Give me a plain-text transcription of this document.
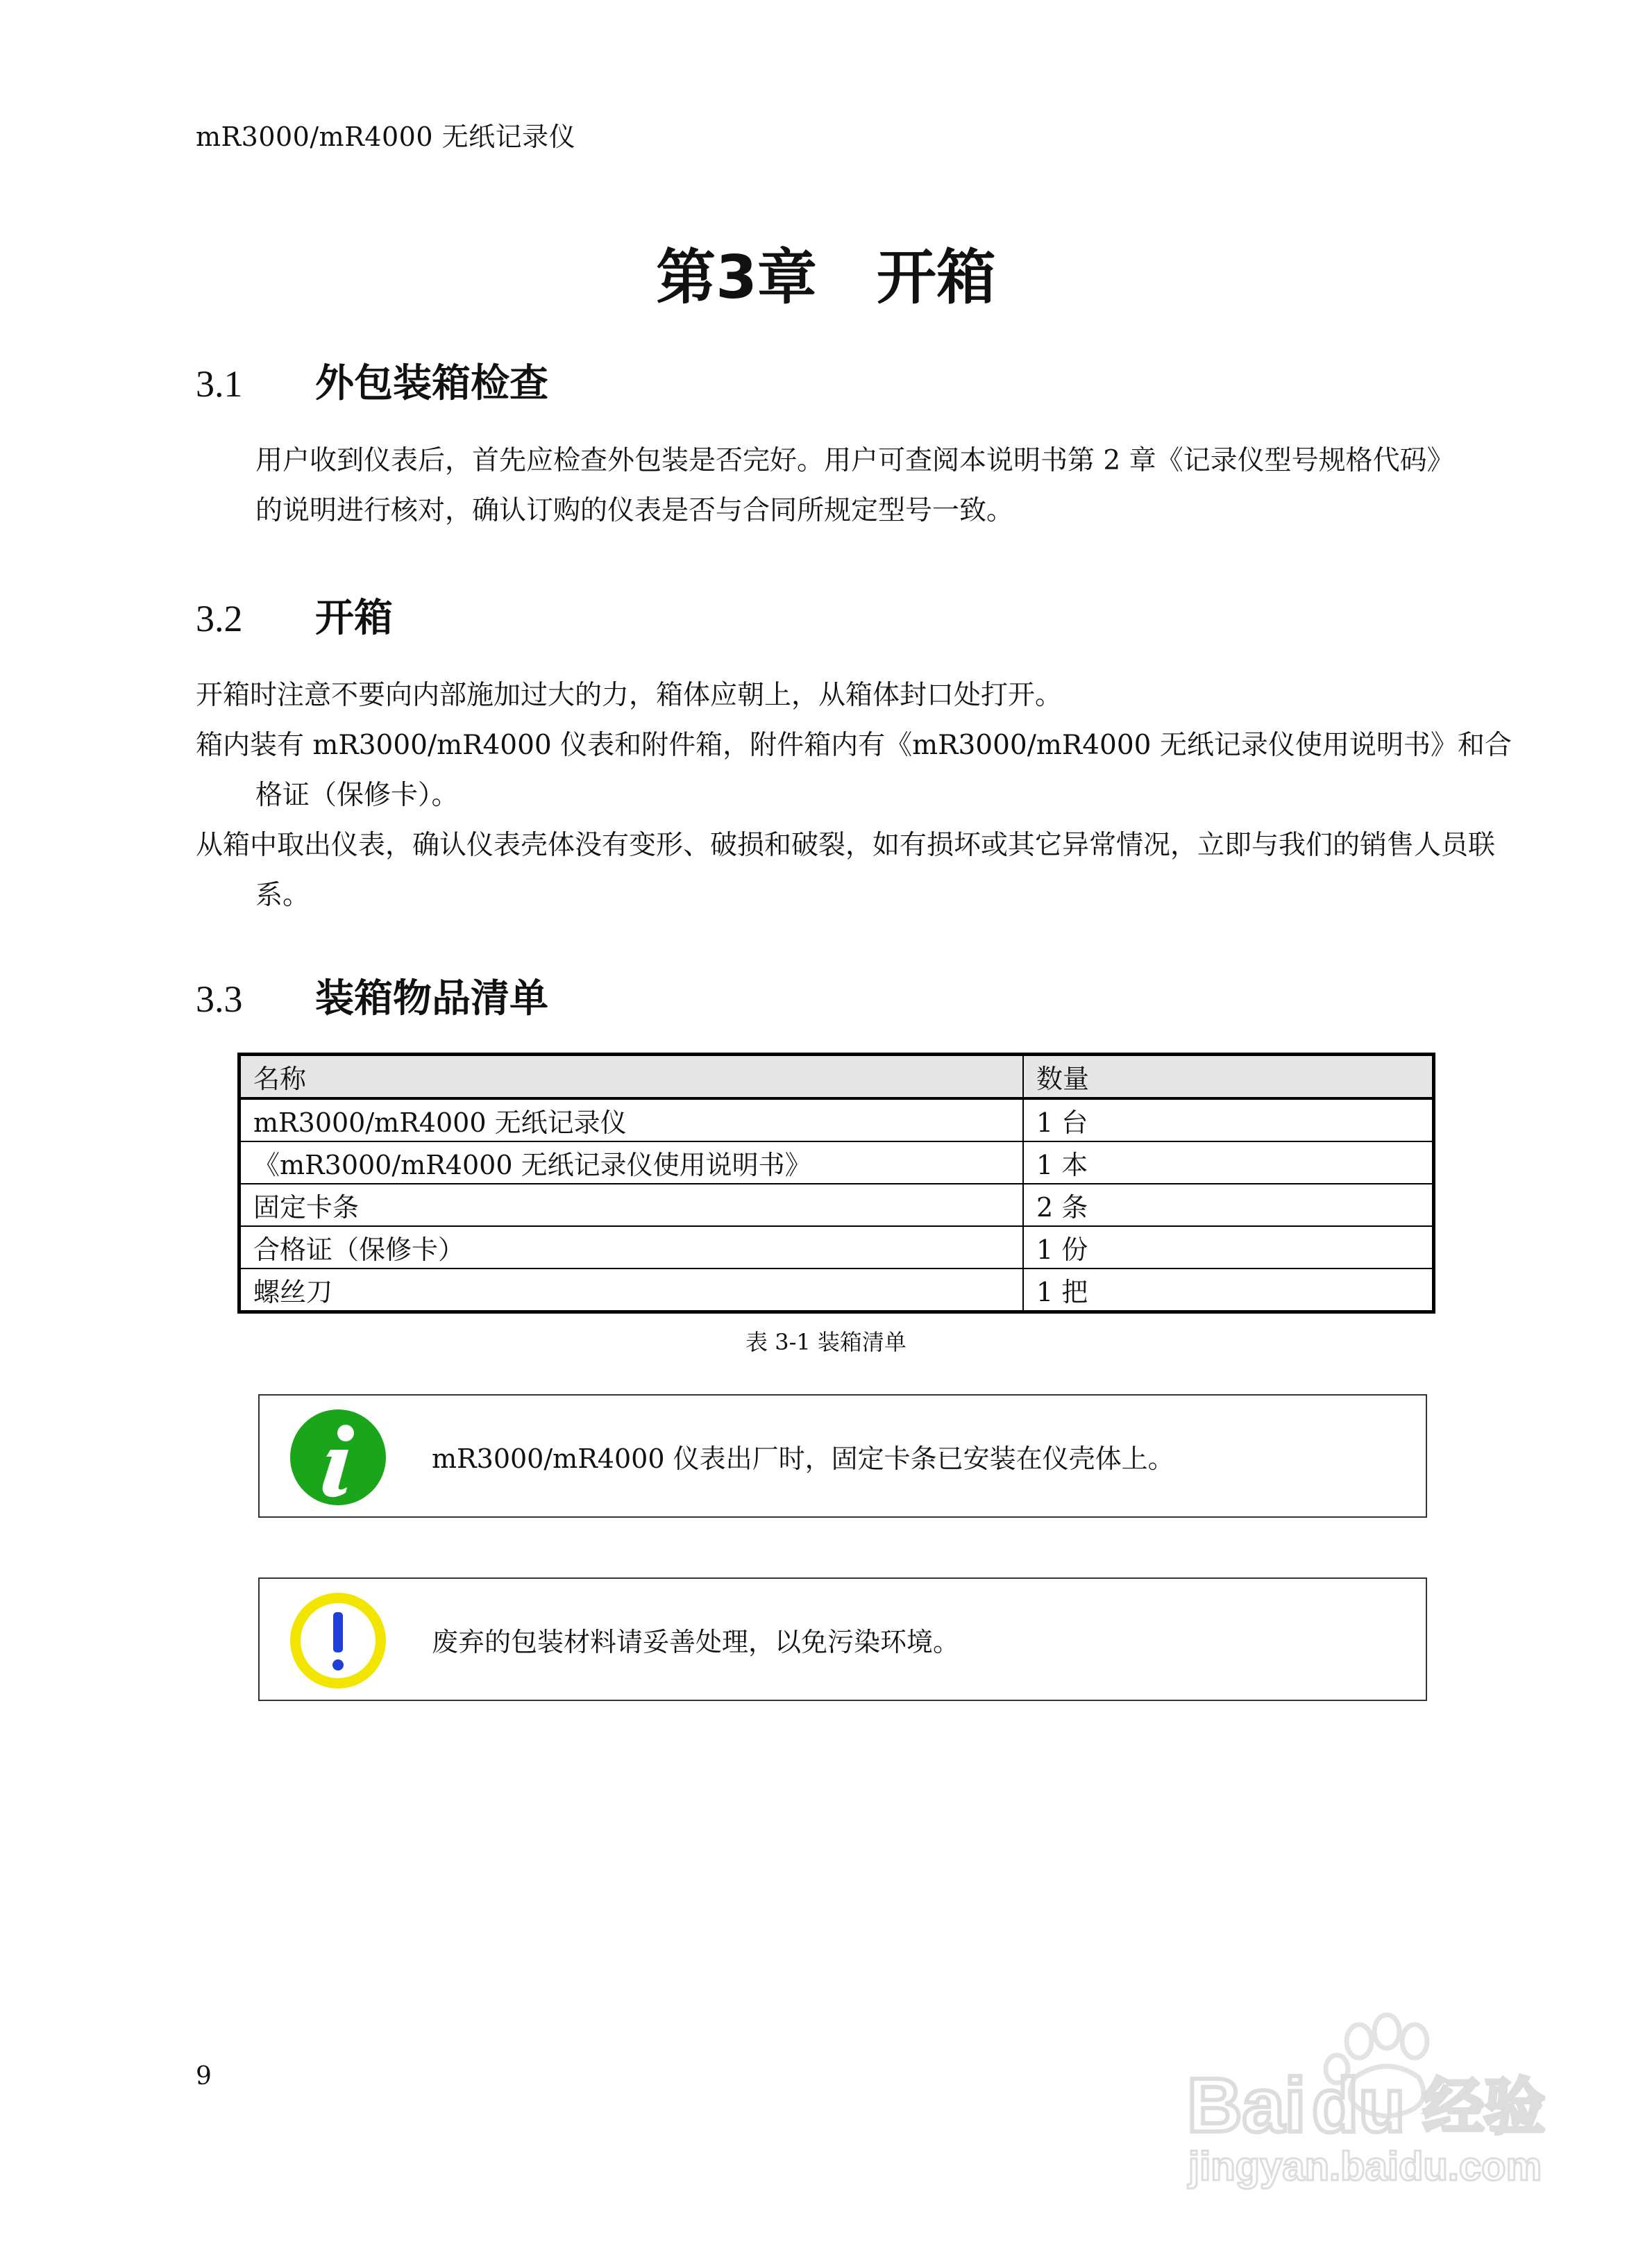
mR3000/mR4000 无纸记录仪
第3章　开箱
3.1 外包装箱检查
用户收到仪表后，首先应检查外包装是否完好。用户可查阅本说明书第 2 章《记录仪型号规格代码》的说明进行核对，确认订购的仪表是否与合同所规定型号一致。
3.2 开箱
开箱时注意不要向内部施加过大的力，箱体应朝上，从箱体封口处打开。
箱内装有 mR3000/mR4000 仪表和附件箱，附件箱内有《mR3000/mR4000 无纸记录仪使用说明书》和合格证（保修卡）。
从箱中取出仪表，确认仪表壳体没有变形、破损和破裂，如有损坏或其它异常情况，立即与我们的销售人员联系。
3.3 装箱物品清单
名称	数量
mR3000/mR4000 无纸记录仪	1 台
《mR3000/mR4000 无纸记录仪使用说明书》	1 本
固定卡条	2 条
合格证（保修卡）	1 份
螺丝刀	1 把
表 3-1 装箱清单
mR3000/mR4000 仪表出厂时，固定卡条已安装在仪壳体上。
废弃的包装材料请妥善处理，以免污染环境。
9	Bai du 经验
jingyan.baidu.com
